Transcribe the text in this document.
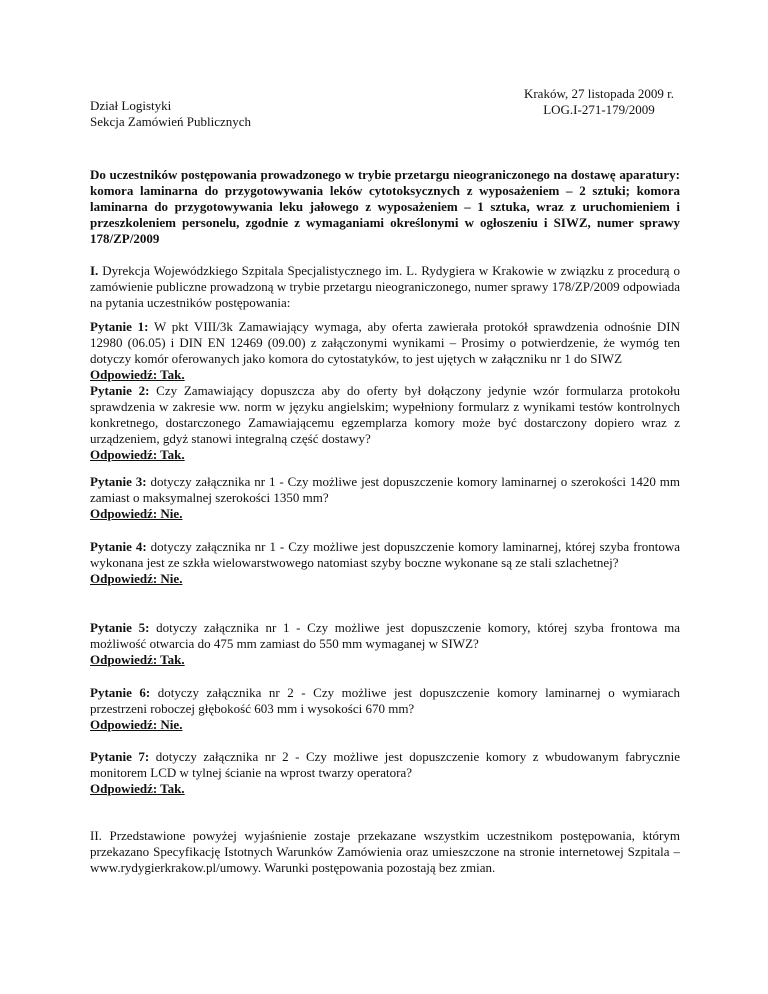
Kraków, 27 listopada 2009 r.
LOG.I-271-179/2009
Dział Logistyki
Sekcja Zamówień Publicznych
Do uczestników postępowania prowadzonego w trybie przetargu nieograniczonego na dostawę aparatury: komora laminarna do przygotowywania leków cytotoksycznych z wyposażeniem – 2 sztuki; komora laminarna do przygotowywania leku jałowego z wyposażeniem – 1 sztuka, wraz z uruchomieniem i przeszkoleniem personelu, zgodnie z wymaganiami określonymi w ogłoszeniu i SIWZ, numer sprawy 178/ZP/2009
I. Dyrekcja Wojewódzkiego Szpitala Specjalistycznego im. L. Rydygiera w Krakowie w związku z procedurą o zamówienie publiczne prowadzoną w trybie przetargu nieograniczonego, numer sprawy 178/ZP/2009 odpowiada na pytania uczestników postępowania:
Pytanie 1: W pkt VIII/3k Zamawiający wymaga, aby oferta zawierała protokół sprawdzenia odnośnie DIN 12980 (06.05) i DIN EN 12469 (09.00) z załączonymi wynikami – Prosimy o potwierdzenie, że wymóg ten dotyczy komór oferowanych jako komora do cytostatyków, to jest ujętych w załączniku nr 1 do SIWZ
Odpowiedź: Tak.
Pytanie 2: Czy Zamawiający dopuszcza aby do oferty był dołączony jedynie wzór formularza protokołu sprawdzenia w zakresie ww. norm w języku angielskim; wypełniony formularz z wynikami testów kontrolnych konkretnego, dostarczonego Zamawiającemu egzemplarza komory może być dostarczony dopiero wraz z urządzeniem, gdyż stanowi integralną część dostawy?
Odpowiedź: Tak.
Pytanie 3: dotyczy załącznika nr 1 - Czy możliwe jest dopuszczenie komory laminarnej o szerokości 1420 mm zamiast o maksymalnej szerokości 1350 mm?
Odpowiedź: Nie.
Pytanie 4: dotyczy załącznika nr 1 - Czy możliwe jest dopuszczenie komory laminarnej, której szyba frontowa wykonana jest ze szkła wielowarstwowego natomiast szyby boczne wykonane są ze stali szlachetnej?
Odpowiedź: Nie.
Pytanie 5: dotyczy załącznika nr 1 - Czy możliwe jest dopuszczenie komory, której szyba frontowa ma możliwość otwarcia do 475 mm zamiast do 550 mm wymaganej w SIWZ?
Odpowiedź: Tak.
Pytanie 6: dotyczy załącznika nr 2 - Czy możliwe jest dopuszczenie komory laminarnej o wymiarach przestrzeni roboczej głębokość 603 mm i wysokości 670 mm?
Odpowiedź: Nie.
Pytanie 7: dotyczy załącznika nr 2 - Czy możliwe jest dopuszczenie komory z wbudowanym fabrycznie monitorem LCD w tylnej ścianie na wprost twarzy operatora?
Odpowiedź: Tak.
II. Przedstawione powyżej wyjaśnienie zostaje przekazane wszystkim uczestnikom postępowania, którym przekazano Specyfikację Istotnych Warunków Zamówienia oraz umieszczone na stronie internetowej Szpitala – www.rydygierkrakow.pl/umowy. Warunki postępowania pozostają bez zmian.
